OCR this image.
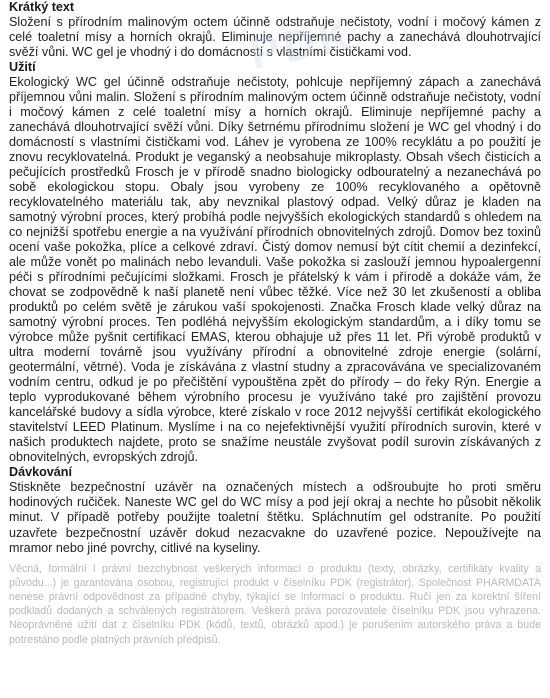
PDK
Krátký text

Složení s přírodním malinovým octem účinně odstraňuje nečistoty, vodní i močový kámen z celé toaletní mísy a horních okrajů. Eliminuje nepříjemné pachy a zanechává dlouhotrvající svěží vůni. WC gel je vhodný i do domácností s vlastními čističkami vod.

Užití

Ekologický WC gel účinně odstraňuje nečistoty, pohlcuje nepříjemný zápach a zanechává příjemnou vůni malin. Složení s přírodním malinovým octem účinně odstraňuje nečistoty, vodní i močový kámen z celé toaletní mísy a horních okrajů. Eliminuje nepříjemné pachy a zanechává dlouhotrvající svěží vůni. Díky šetrnému přírodnímu složení je WC gel vhodný i do domácností s vlastními čističkami vod. Láhev je vyrobena ze 100% recyklátu a po použití je znovu recyklovatelná. Produkt je veganský a neobsahuje mikroplasty. Obsah všech čisticích a pečujících prostředků Frosch je v přírodě snadno biologicky odbouratelný a nezanechává po sobě ekologickou stopu. Obaly jsou vyrobeny ze 100% recyklovaného a opětovně recyklovatelného materiálu tak, aby nevznikal plastový odpad. Velký důraz je kladen na samotný výrobní proces, který probíhá podle nejvyšších ekologických standardů s ohledem na co nejnižší spotřebu energie a na využívání přírodních obnovitelných zdrojů. Domov bez toxinů ocení vaše pokožka, plíce a celkové zdraví. Čistý domov nemusí být cítit chemií a dezinfekcí, ale může vonět po malinách nebo levanduli. Vaše pokožka si zaslouží jemnou hypoalergenní péči s přírodními pečujícími složkami. Frosch je přátelský k vám i přírodě a dokáže vám, že chovat se zodpovědně k naší planetě není vůbec těžké. Více než 30 let zkušeností a obliba produktů po celém světě je zárukou vaší spokojenosti. Značka Frosch klade velký důraz na samotný výrobní proces. Ten podléhá nejvyšším ekologickým standardům, a i díky tomu se výrobce může pyšnit certifikací EMAS, kterou obhajuje už přes 11 let. Při výrobě produktů v ultra moderní továrně jsou využívány přírodní a obnovitelné zdroje energie (solární, geotermální, větrné). Voda je získávána z vlastní studny a zpracovávána ve specializovaném vodním centru, odkud je po přečištění vypouštěna zpět do přírody – do řeky Rýn. Energie a teplo vyprodukované během výrobního procesu je využíváno také pro zajištění provozu kancelářské budovy a sídla výrobce, které získalo v roce 2012 nejvyšší certifikát ekologického stavitelství LEED Platinum. Myslíme i na co nejefektivnější využití přírodních surovin, které v našich produktech najdete, proto se snažíme neustále zvyšovat podíl surovin získávaných z obnovitelných, evropských zdrojů.

Dávkování

Stiskněte bezpečnostní uzávěr na označených místech a odšroubujte ho proti směru hodinových ručiček. Naneste WC gel do WC mísy a pod její okraj a nechte ho působit několik minut. V případě potřeby použijte toaletní štětku. Spláchnutím gel odstraníte. Po použití uzavřete bezpečnostní uzávěr dokud nezacvakne do uzavřené pozice. Nepoužívejte na mramor nebo jiné povrchy, citlivé na kyseliny.

Věcná, formální i právní bezchybnost veškerých informací o produktu (texty, obrázky, certifikáty kvality a původu...) je garantována osobou, registrující produkt v číselníku PDK (registrátor). Společnost PHARMDATA nenese právní odpovědnost za případné chyby, týkající se informací o produktu. Ručí jen za korektní šíření podkladů dodaných a schválených registrátorem. Veškerá práva porozovatele číselníku PDK jsou vyhrazena. Neoprávněné užití dat z číselníku PDK (kódů, textů, obrázků apod.) je porušením autorského práva a bude potrestáno podle platných právních předpisů.
